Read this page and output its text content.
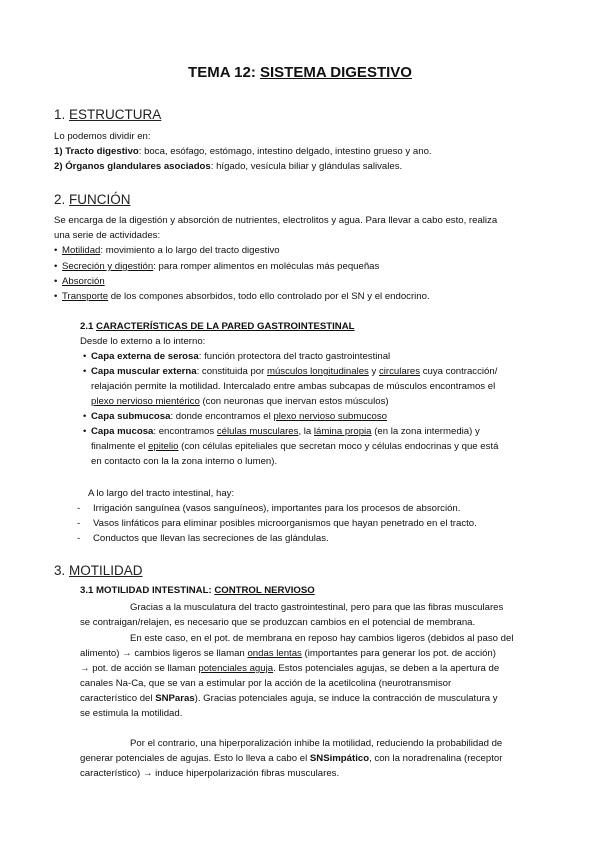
TEMA 12: SISTEMA DIGESTIVO
1. ESTRUCTURA
Lo podemos dividir en:
1) Tracto digestivo: boca, esófago, estómago, intestino delgado, intestino grueso y ano.
2) Órganos glandulares asociados: hígado, vesícula biliar y glándulas salivales.
2. FUNCIÓN
Se encarga de la digestión y absorción de nutrientes, electrolitos y agua. Para llevar a cabo esto, realiza
una serie de actividades:
• Motilidad: movimiento a lo largo del tracto digestivo
• Secreción y digestión: para romper alimentos en moléculas más pequeñas
• Absorción
• Transporte de los compones absorbidos, todo ello controlado por el SN y el endocrino.
2.1 CARACTERÍSTICAS DE LA PARED GASTROINTESTINAL
Desde lo externo a lo interno:
• Capa externa de serosa: función protectora del tracto gastrointestinal
• Capa muscular externa: constituida por músculos longitudinales y circulares cuya contracción/
relajación permite la motilidad. Intercalado entre ambas subcapas de músculos encontramos el
plexo nervioso mientérico (con neuronas que inervan estos músculos)
• Capa submucosa: donde encontramos el plexo nervioso submucoso
• Capa mucosa: encontramos células musculares, la lámina propia (en la zona intermedia) y
finalmente el epitelio (con células epiteliales que secretan moco y células endocrinas y que está
en contacto con la la zona interno o lumen).
A lo largo del tracto intestinal, hay:
- Irrigación sanguínea (vasos sanguíneos), importantes para los procesos de absorción.
- Vasos linfáticos para eliminar posibles microorganismos que hayan penetrado en el tracto.
- Conductos que llevan las secreciones de las glándulas.
3. MOTILIDAD
3.1 MOTILIDAD INTESTINAL: CONTROL NERVIOSO
Gracias a la musculatura del tracto gastrointestinal, pero para que las fibras musculares
se contraigan/relajen, es necesario que se produzcan cambios en el potencial de membrana.
En este caso, en el pot. de membrana en reposo hay cambios ligeros (debidos al paso del
alimento) → cambios ligeros se llaman ondas lentas (importantes para generar los pot. de acción)
→ pot. de acción se llaman potenciales aguja. Estos potenciales agujas, se deben a la apertura de
canales Na-Ca, que se van a estimular por la acción de la acetilcolina (neurotransmisor
característico del SNParas). Gracias potenciales aguja, se induce la contracción de musculatura y
se estimula la motilidad.
Por el contrario, una hiperporalización inhibe la motilidad, reduciendo la probabilidad de
generar potenciales de agujas. Esto lo lleva a cabo el SNSimpático, con la noradrenalina (receptor
característico) → induce hiperpolarización fibras musculares.
